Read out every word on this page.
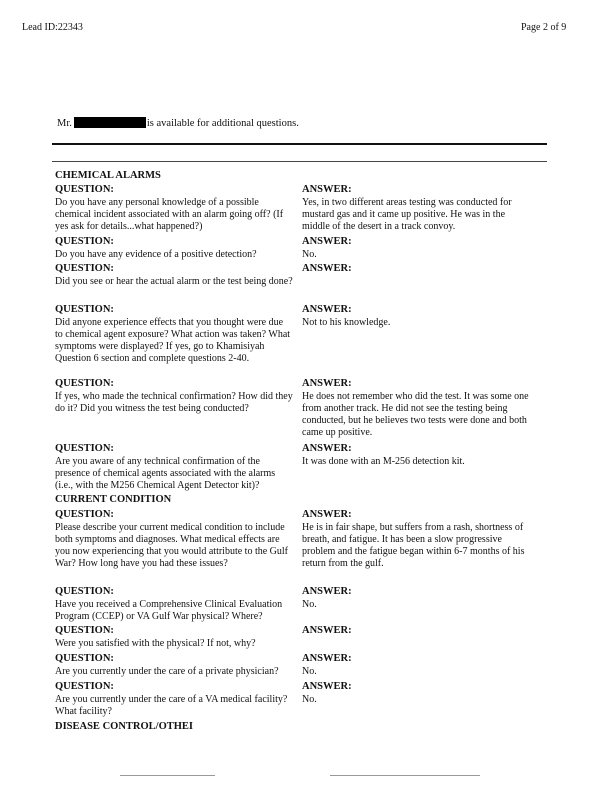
Lead ID:22343	Page 2 of 9
Mr.	is available for additional questions.
CHEMICAL ALARMS
QUESTION:
Do you have any personal knowledge of a possible chemical incident associated with an alarm going off? (If yes ask for details...what happened?)
ANSWER:
Yes, in two different areas testing was conducted for mustard gas and it came up positive. He was in the middle of the desert in a track convoy.
QUESTION:
Do you have any evidence of a positive detection?
ANSWER:
No.
QUESTION:
Did you see or hear the actual alarm or the test being done?
ANSWER:
QUESTION:
Did anyone experience effects that you thought were due to chemical agent exposure? What action was taken? What symptoms were displayed? If yes, go to Khamisiyah Question 6 section and complete questions 2-40.
ANSWER:
Not to his knowledge.
QUESTION:
If yes, who made the technical confirmation? How did they do it? Did you witness the test being conducted?
ANSWER:
He does not remember who did the test. It was some one from another track. He did not see the testing being conducted, but he believes two tests were done and both came up positive.
QUESTION:
Are you aware of any technical confirmation of the presence of chemical agents associated with the alarms (i.e., with the M256 Chemical Agent Detector kit)?
ANSWER:
It was done with an M-256 detection kit.
CURRENT CONDITION
QUESTION:
Please describe your current medical condition to include both symptoms and diagnoses. What medical effects are you now experiencing that you would attribute to the Gulf War? How long have you had these issues?
ANSWER:
He is in fair shape, but suffers from a rash, shortness of breath, and fatigue. It has been a slow progressive problem and the fatigue began within 6-7 months of his return from the gulf.
QUESTION:
Have you received a Comprehensive Clinical Evaluation Program (CCEP) or VA Gulf War physical? Where?
ANSWER:
No.
QUESTION:
Were you satisfied with the physical? If not, why?
ANSWER:
QUESTION:
Are you currently under the care of a private physician?
ANSWER:
No.
QUESTION:
Are you currently under the care of a VA medical facility? What facility?
ANSWER:
No.
DISEASE CONTROL/OTHEI
